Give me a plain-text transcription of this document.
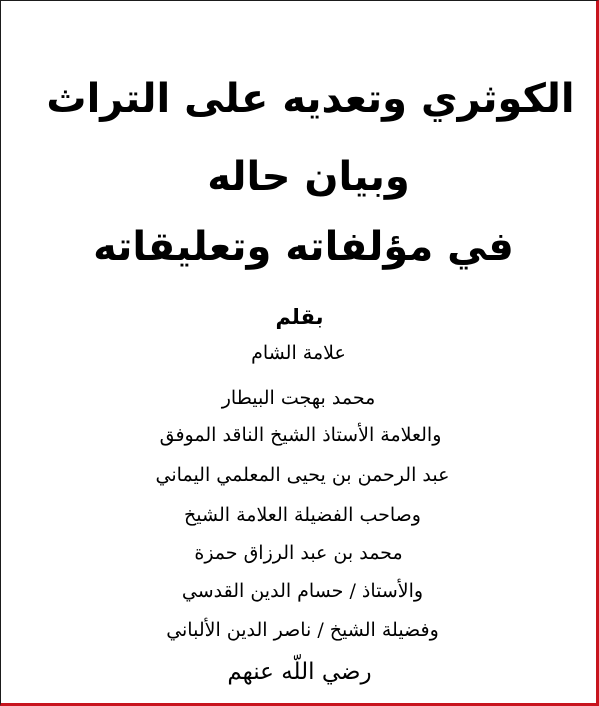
الكوثري وتعديه على التراث
وبيان حاله
في مؤلفاته وتعليقاته
بقلم
علامة الشام
محمد بهجت البيطار
والعلامة الأستاذ الشيخ الناقد الموفق
عبد الرحمن بن يحيى المعلمي اليماني
وصاحب الفضيلة العلامة الشيخ
محمد بن عبد الرزاق حمزة
والأستاذ / حسام الدين القدسي
وفضيلة الشيخ / ناصر الدين الألباني
رضي اللّه عنهم
